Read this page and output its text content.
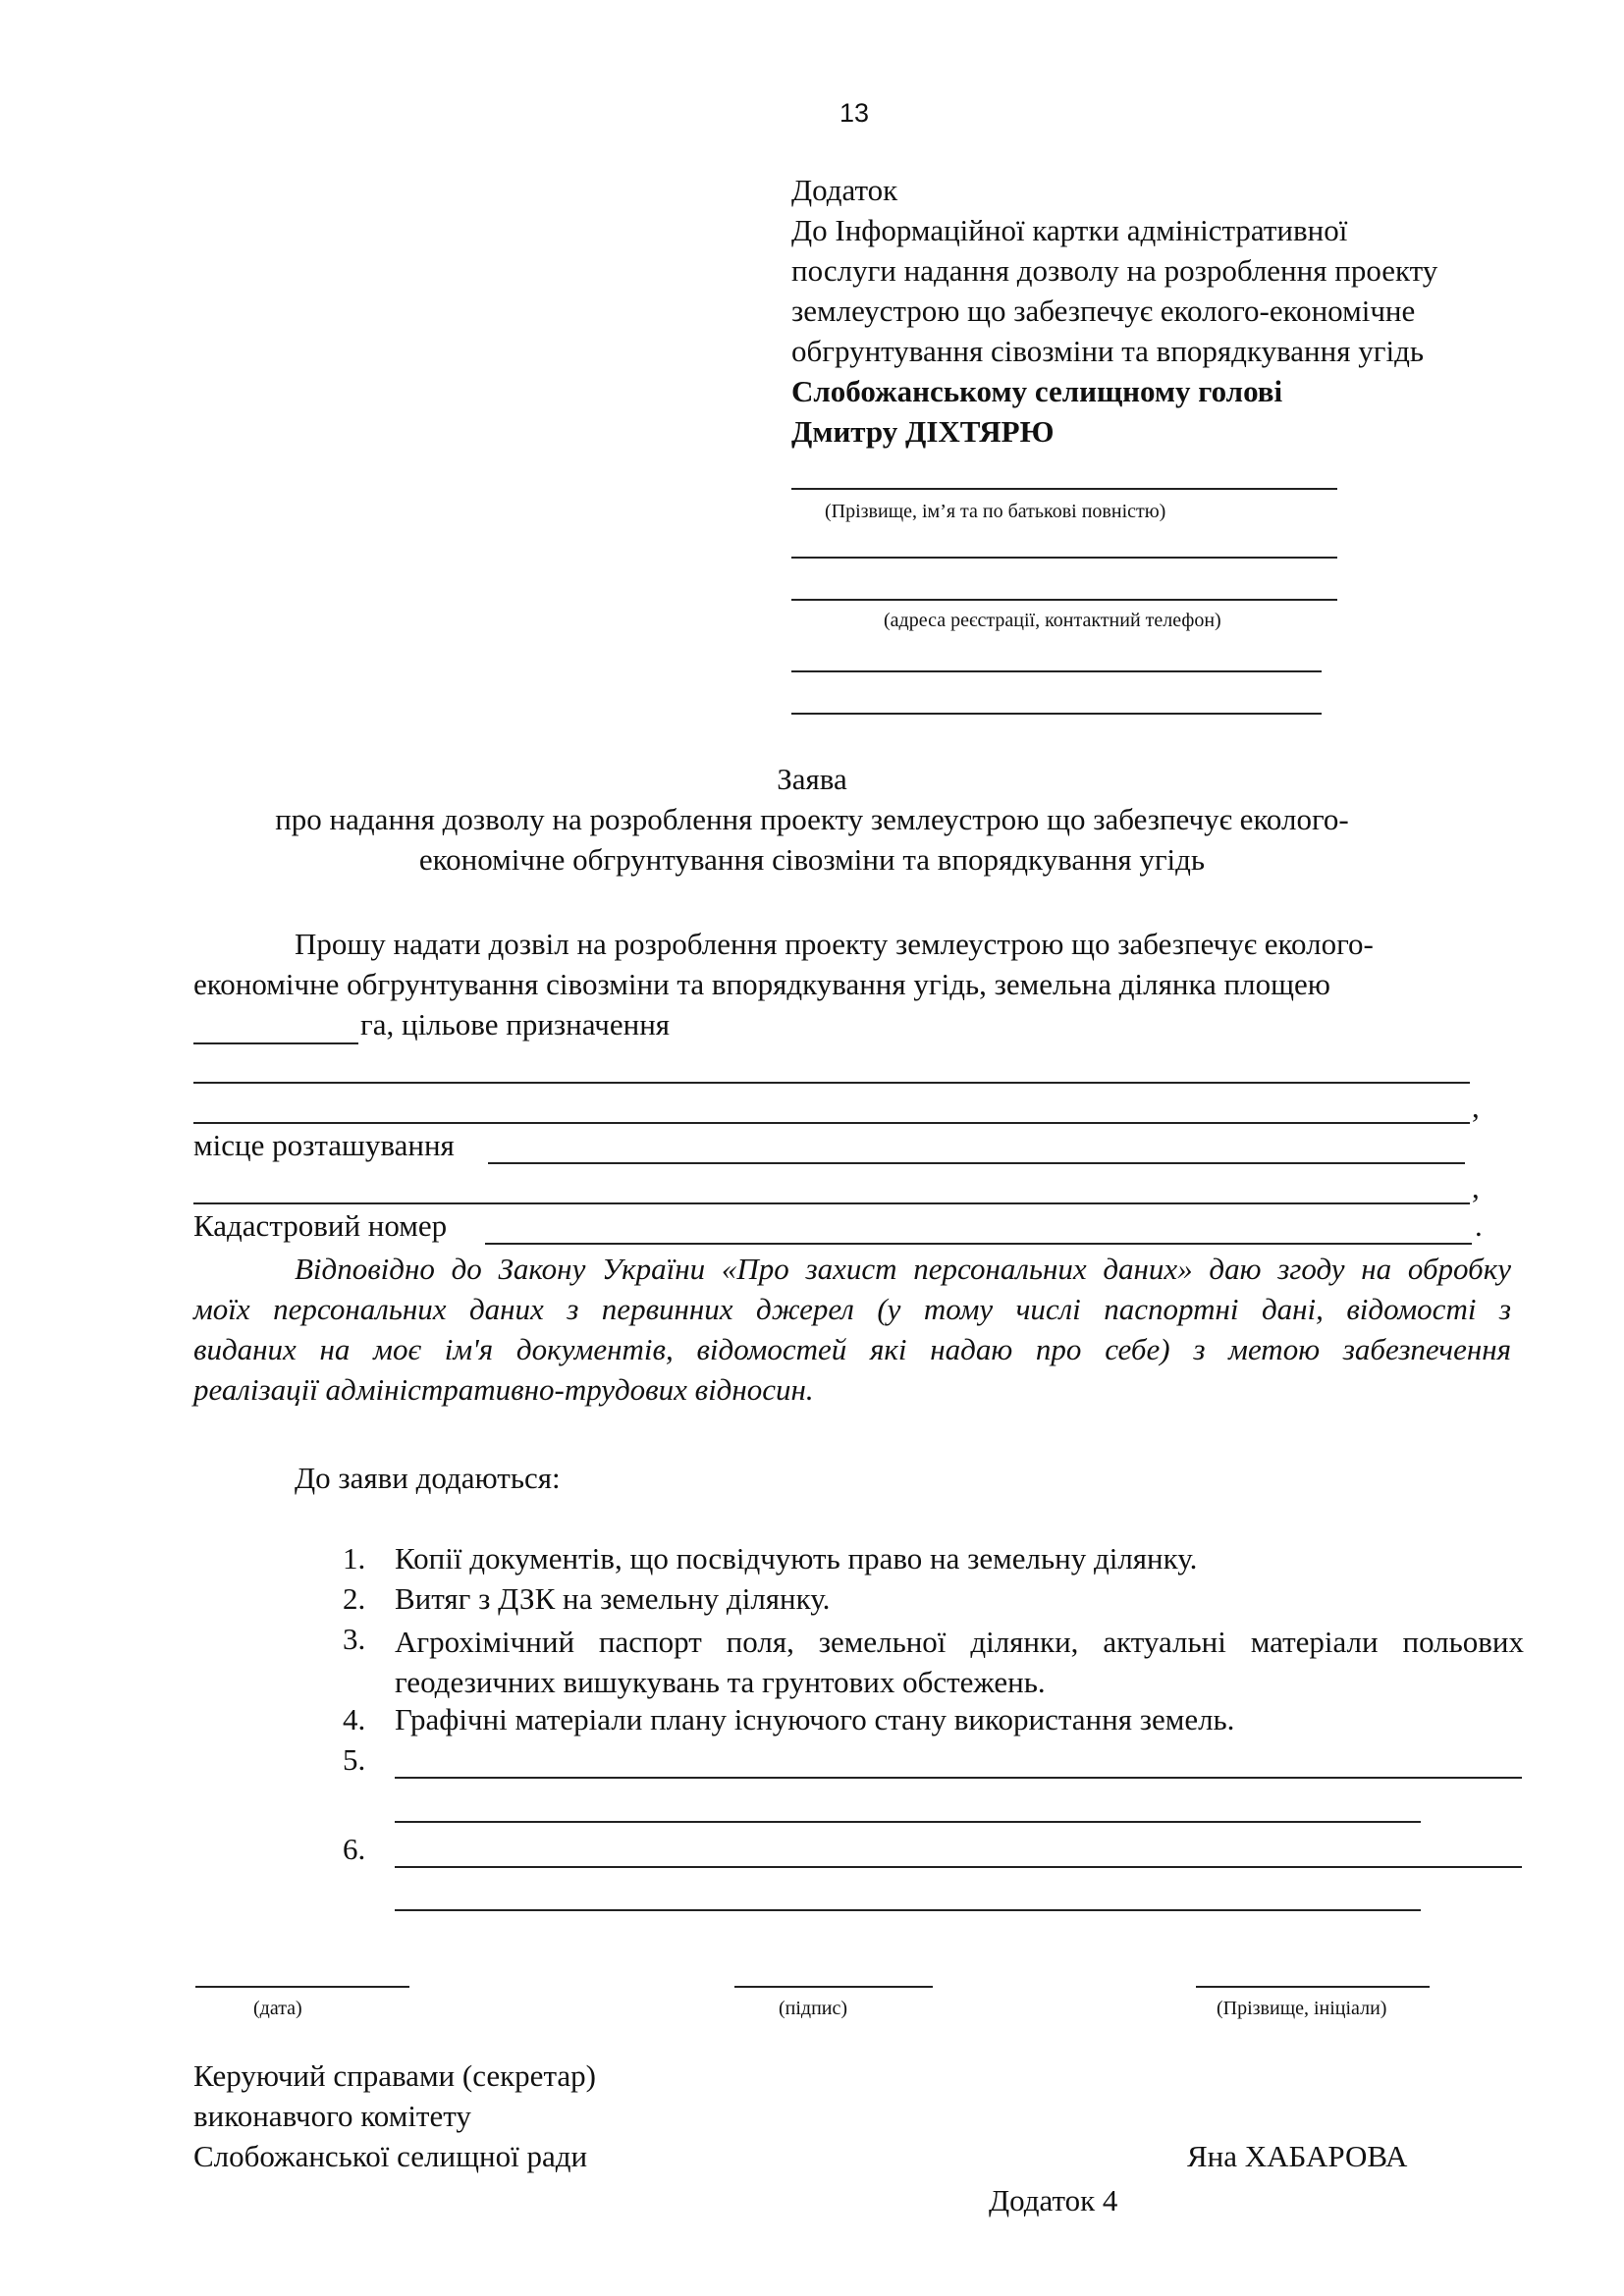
13
Додаток
До Інформаційної картки адміністративної
послуги надання дозволу на розроблення проекту
землеустрою що забезпечує еколого-економічне
обгрунтування сівозміни та впорядкування угідь
Слобожанському селищному голові
Дмитру ДІХТЯРЮ
(Прізвище, ім’я та по батькові повністю)
(адреса реєстрації, контактний телефон)
Заява
про надання дозволу на розроблення проекту землеустрою що забезпечує еколого-
економічне обгрунтування сівозміни та впорядкування угідь
Прошу надати дозвіл на розроблення проекту землеустрою що забезпечує еколого-
економічне обгрунтування сівозміни та впорядкування угідь, земельна ділянка площею
га, цільове призначення
,
місце розташування
,
Кадастровий номер	.
Відповідно до Закону України «Про захист персональних даних» даю згоду на обробку
моїх персональних даних з первинних джерел (у тому числі паспортні дані, відомості з
виданих на моє ім'я документів, відомостей які надаю про себе) з метою забезпечення
реалізації адміністративно-трудових відносин.
До заяви додаються:
1. Копії документів, що посвідчують право на земельну ділянку.
2. Витяг з ДЗК на земельну ділянку.
3. Агрохімічний паспорт поля, земельної ділянки, актуальні матеріали польових
геодезичних вишукувань та грунтових обстежень.
4. Графічні матеріали плану існуючого стану використання земель.
5.
6.
(дата)	(підпис)	(Прізвище, ініціали)
Керуючий справами (секретар)
виконавчого комітету
Слобожанської селищної ради	Яна ХАБАРОВА
Додаток 4
